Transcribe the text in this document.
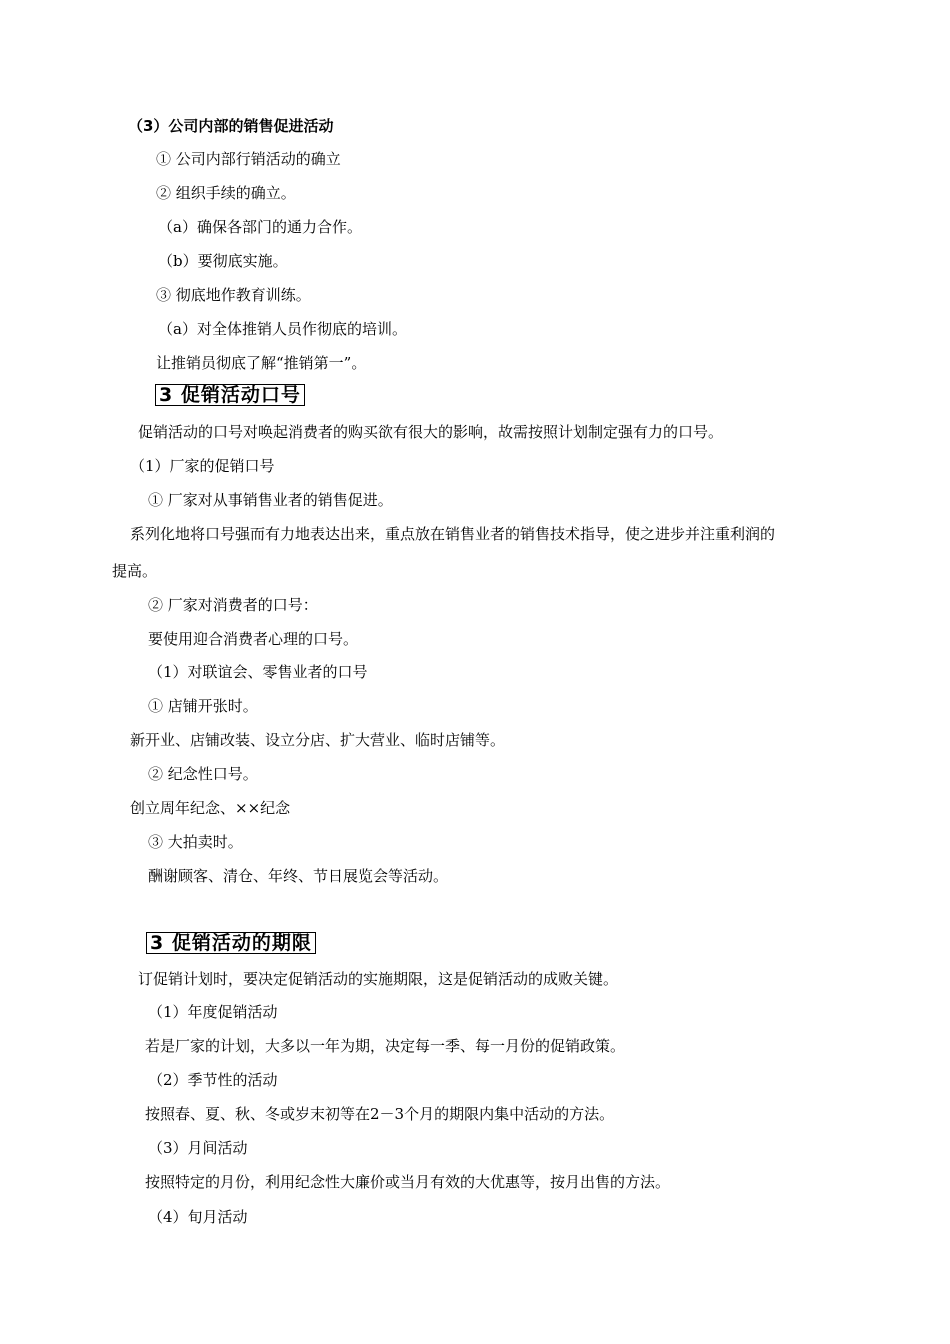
（3）公司内部的销售促进活动
① 公司内部行销活动的确立
② 组织手续的确立。
（a）确保各部门的通力合作。
（b）要彻底实施。
③ 彻底地作教育训练。
（a）对全体推销人员作彻底的培训。
让推销员彻底了解“推销第一”。
3 促销活动口号
促销活动的口号对唤起消费者的购买欲有很大的影响，故需按照计划制定强有力的口号。
（1）厂家的促销口号
① 厂家对从事销售业者的销售促进。
系列化地将口号强而有力地表达出来，重点放在销售业者的销售技术指导，使之进步并注重利润的
提高。
② 厂家对消费者的口号：
要使用迎合消费者心理的口号。
（1）对联谊会、零售业者的口号
① 店铺开张时。
新开业、店铺改装、设立分店、扩大营业、临时店铺等。
② 纪念性口号。
创立周年纪念、××纪念
③ 大拍卖时。
酬谢顾客、清仓、年终、节日展览会等活动。
3 促销活动的期限
订促销计划时，要决定促销活动的实施期限，这是促销活动的成败关键。
（1）年度促销活动
若是厂家的计划，大多以一年为期，决定每一季、每一月份的促销政策。
（2）季节性的活动
按照春、夏、秋、冬或岁末初等在2－3个月的期限内集中活动的方法。
（3）月间活动
按照特定的月份，利用纪念性大廉价或当月有效的大优惠等，按月出售的方法。
（4）旬月活动
